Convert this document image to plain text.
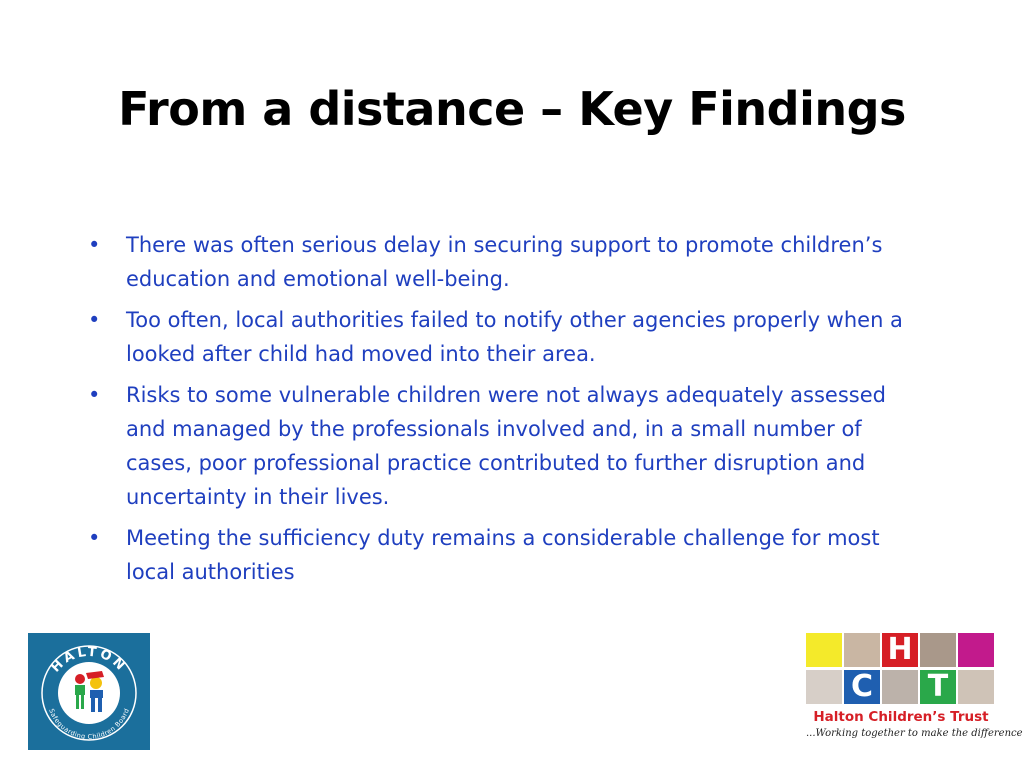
From a distance – Key Findings
• There was often serious delay in securing support to promote children’s education and emotional well-being.
• Too often, local authorities failed to notify other agencies properly when a looked after child had moved into their area.
• Risks to some vulnerable children were not always adequately assessed and managed by the professionals involved and, in a small number of cases, poor professional practice contributed to further disruption and uncertainty in their lives.
• Meeting the sufficiency duty remains a considerable challenge for most local authorities
HALTON
Safeguarding Children Board
H
C T
Halton Children’s Trust
...Working together to make the difference
